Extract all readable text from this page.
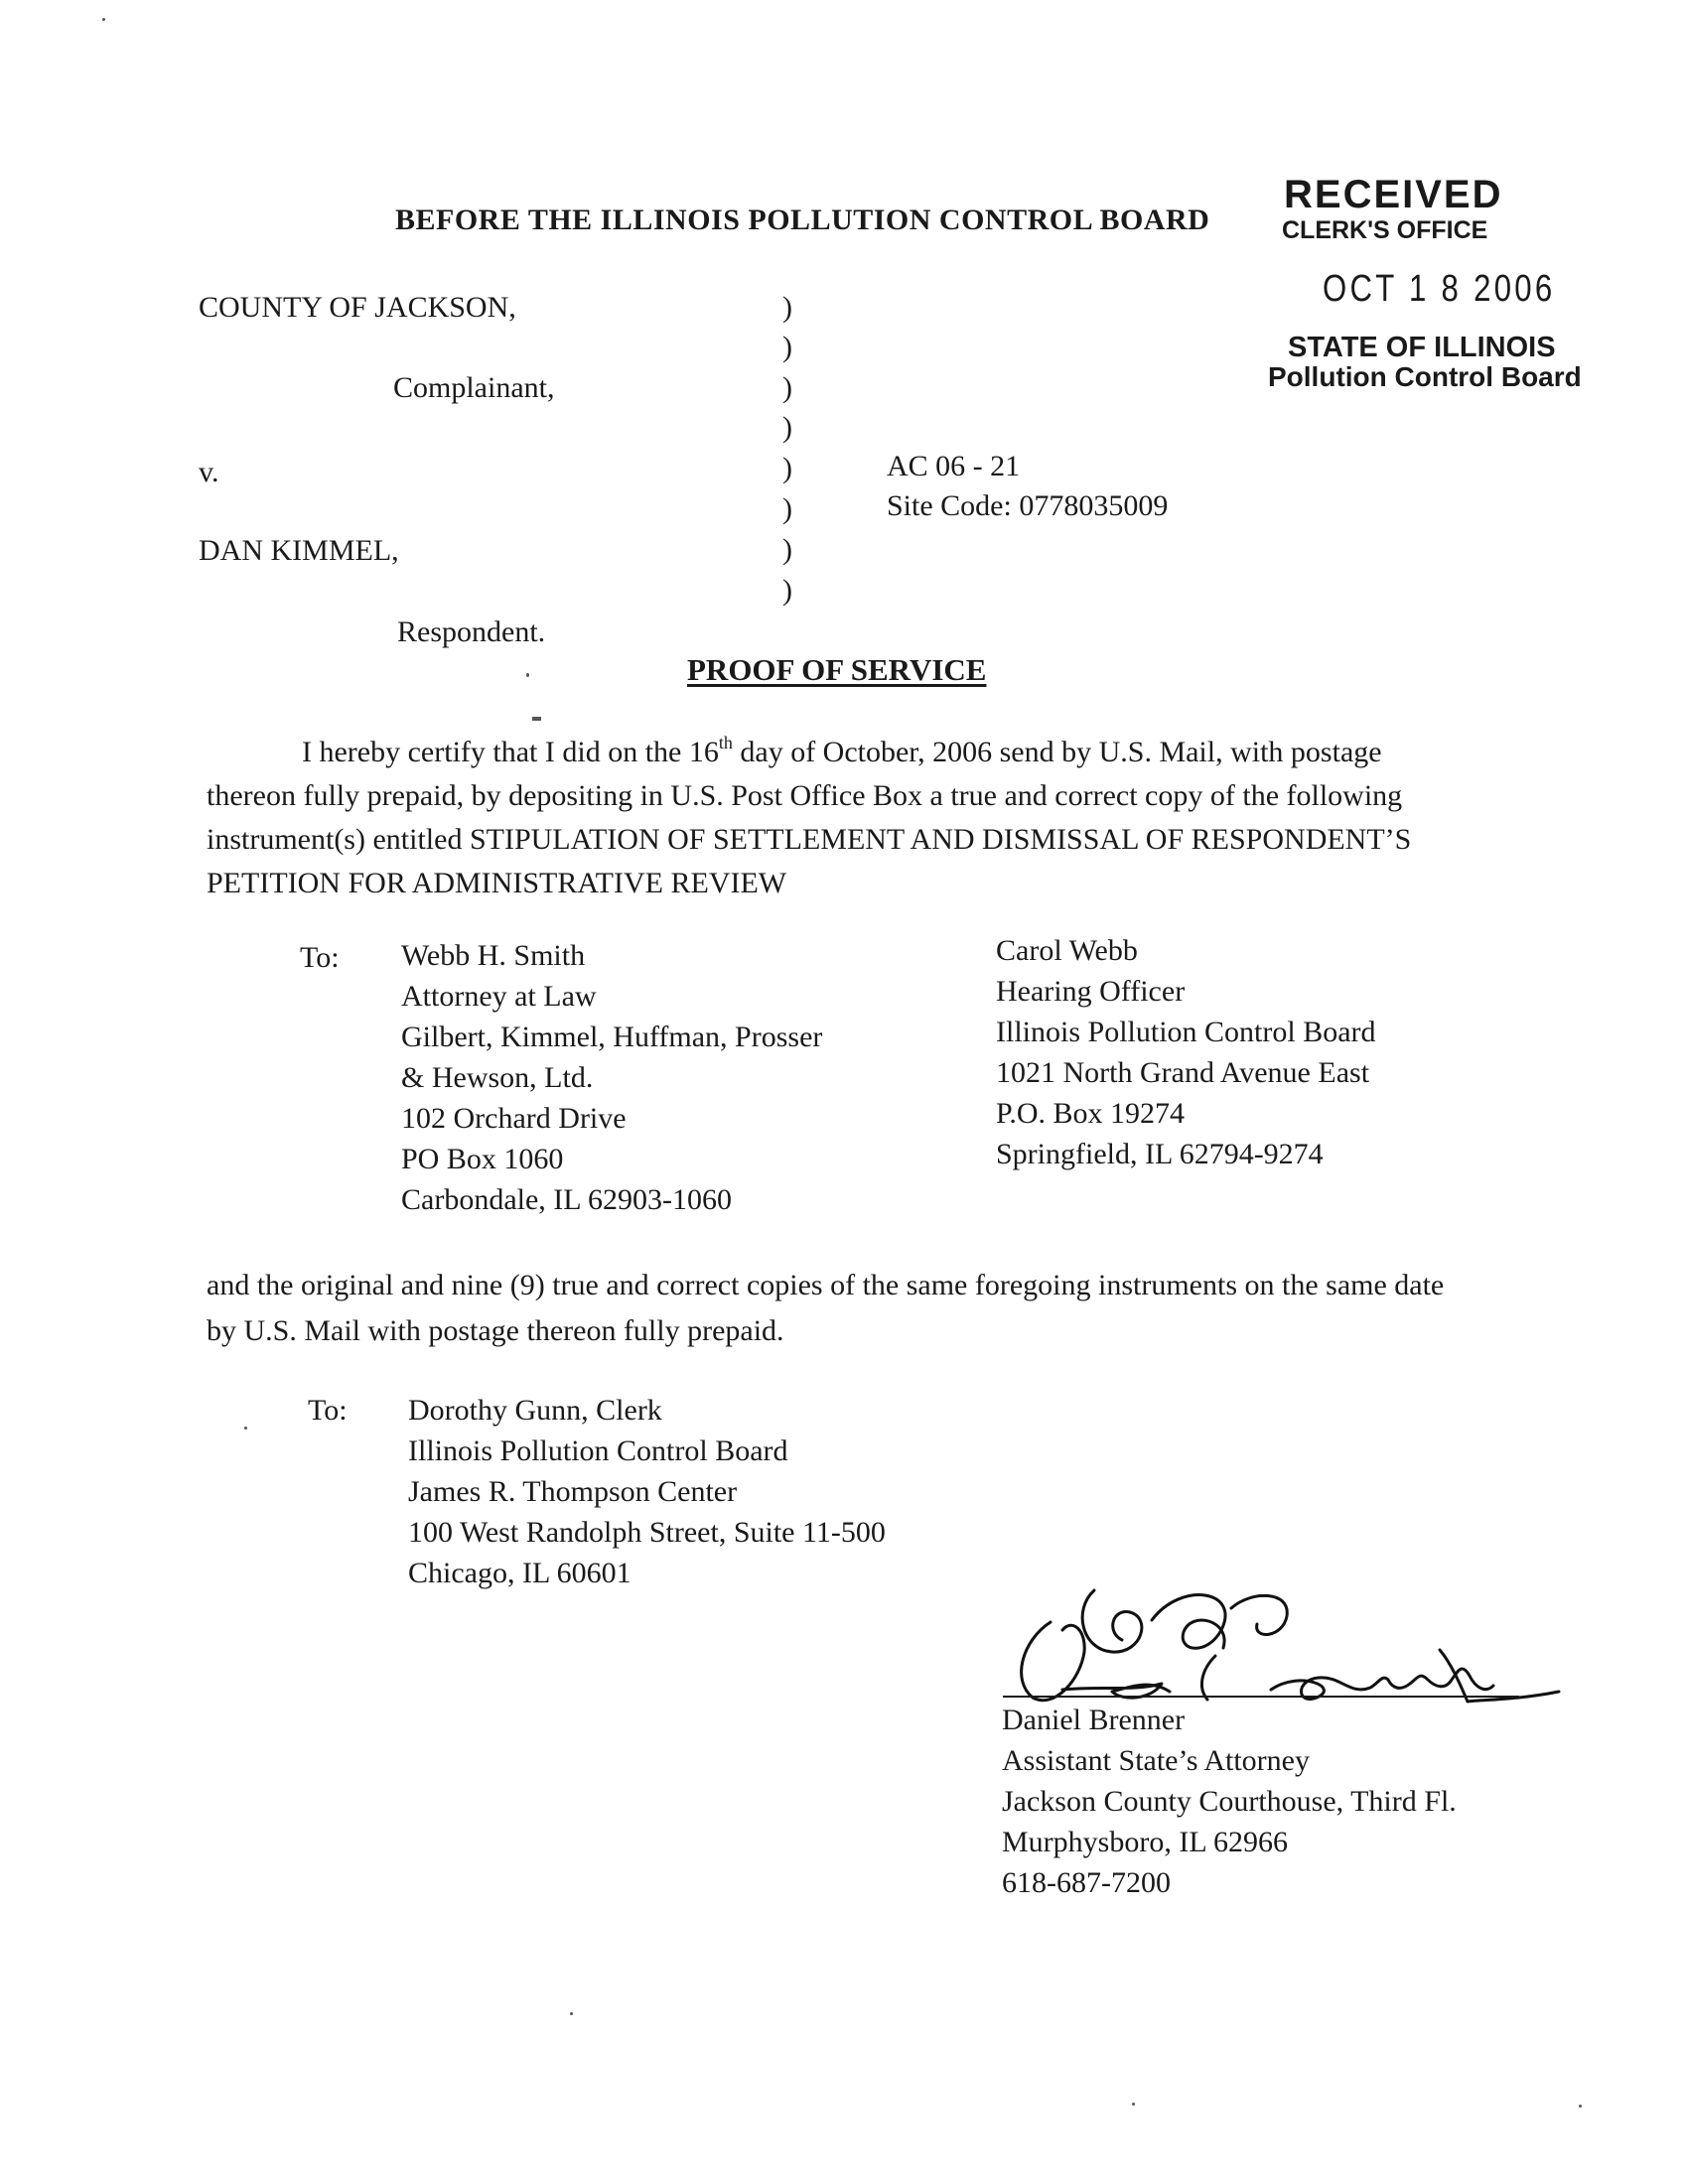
BEFORE THE ILLINOIS POLLUTION CONTROL BOARD
RECEIVED
CLERK'S OFFICE
OCT 1 8 2006
STATE OF ILLINOIS
Pollution Control Board
COUNTY OF JACKSON,
Complainant,
v.
DAN KIMMEL,
Respondent.
)
)
)
)
)
)
)
)
AC 06 - 21
Site Code: 0778035009
PROOF OF SERVICE

I hereby certify that I did on the 16th day of October, 2006 send by U.S. Mail, with postage

thereon fully prepaid, by depositing in U.S. Post Office Box a true and correct copy of the following

instrument(s) entitled STIPULATION OF SETTLEMENT AND DISMISSAL OF RESPONDENT’S

PETITION FOR ADMINISTRATIVE REVIEW

To: Webb H. Smith
Attorney at Law
Gilbert, Kimmel, Huffman, Prosser
& Hewson, Ltd.
102 Orchard Drive
PO Box 1060
Carbondale, IL 62903-1060
Carol Webb
Hearing Officer
Illinois Pollution Control Board
1021 North Grand Avenue East
P.O. Box 19274
Springfield, IL 62794-9274

and the original and nine (9) true and correct copies of the same foregoing instruments on the same date

by U.S. Mail with postage thereon fully prepaid.

To: Dorothy Gunn, Clerk
Illinois Pollution Control Board
James R. Thompson Center
100 West Randolph Street, Suite 11-500
Chicago, IL 60601
Daniel Brenner
Assistant State’s Attorney
Jackson County Courthouse, Third Fl.
Murphysboro, IL 62966
618-687-7200
